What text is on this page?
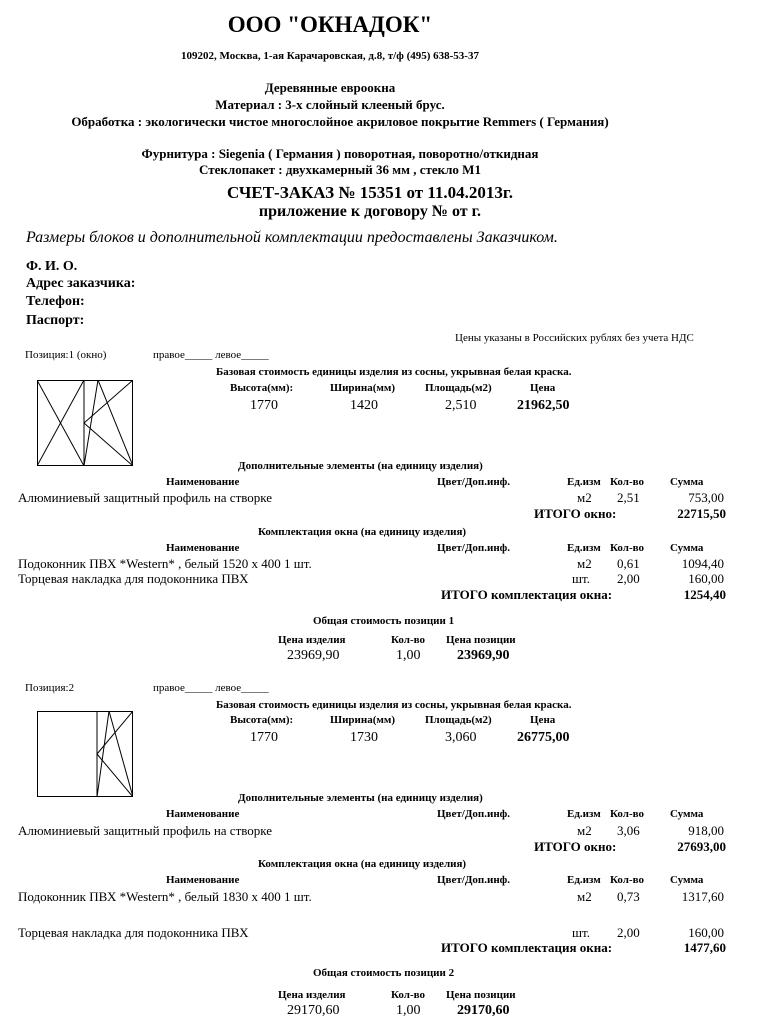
ООО "ОКНАДОК"
109202, Москва, 1-ая Карачаровская, д.8, т/ф (495) 638-53-37
Деревянные евроокна
Материал : 3-х слойный клееный брус.
Обработка : экологически чистое многослойное акриловое покрытие Remmers ( Германия)
Фурнитура : Siegenia ( Германия ) поворотная, поворотно/откидная
Стеклопакет : двухкамерный 36 мм , стекло М1
СЧЕТ-ЗАКАЗ № 15351 от 11.04.2013г.
приложение к договору № от г.
Размеры блоков и дополнительной комплектации предоставлены Заказчиком.
Ф. И. О.
Адрес заказчика:
Телефон:
Паспорт:
Цены указаны в Российских рублях без учета НДС
Позиция:1 (окно)	правое_____ левое_____
Базовая стоимость единицы изделия из сосны, укрывная белая краска.
Высота(мм):	Ширина(мм)	Площадь(м2)	Цена
1770	1420	2,510	21962,50
Дополнительные элементы (на единицу изделия)
Наименование	Цвет/Доп.инф.	Ед.изм Кол-во Сумма
Алюминиевый защитный профиль на створке	м2 2,51	753,00
ИТОГО окно:	22715,50
Комплектация окна (на единицу изделия)
Наименование	Цвет/Доп.инф.	Ед.изм Кол-во Сумма
Подоконник ПВХ *Western* , белый 1520 х 400 1 шт.	м2 0,61	1094,40
Торцевая накладка для подоконника ПВХ	шт. 2,00	160,00
ИТОГО комплектация окна:	1254,40
Общая стоимость позиции 1
Цена изделия	Кол-во Цена позиции
23969,90	1,00	23969,90
Позиция:2	правое_____ левое_____
Базовая стоимость единицы изделия из сосны, укрывная белая краска.
Высота(мм):	Ширина(мм)	Площадь(м2)	Цена
1770	1730	3,060	26775,00
Дополнительные элементы (на единицу изделия)
Наименование	Цвет/Доп.инф.	Ед.изм Кол-во Сумма
Алюминиевый защитный профиль на створке	м2 3,06	918,00
ИТОГО окно:	27693,00
Комплектация окна (на единицу изделия)
Наименование	Цвет/Доп.инф.	Ед.изм Кол-во Сумма
Подоконник ПВХ *Western* , белый 1830 х 400 1 шт.	м2 0,73	1317,60
Торцевая накладка для подоконника ПВХ	шт. 2,00	160,00
ИТОГО комплектация окна:	1477,60
Общая стоимость позиции 2
Цена изделия	Кол-во Цена позиции
29170,60	1,00	29170,60
